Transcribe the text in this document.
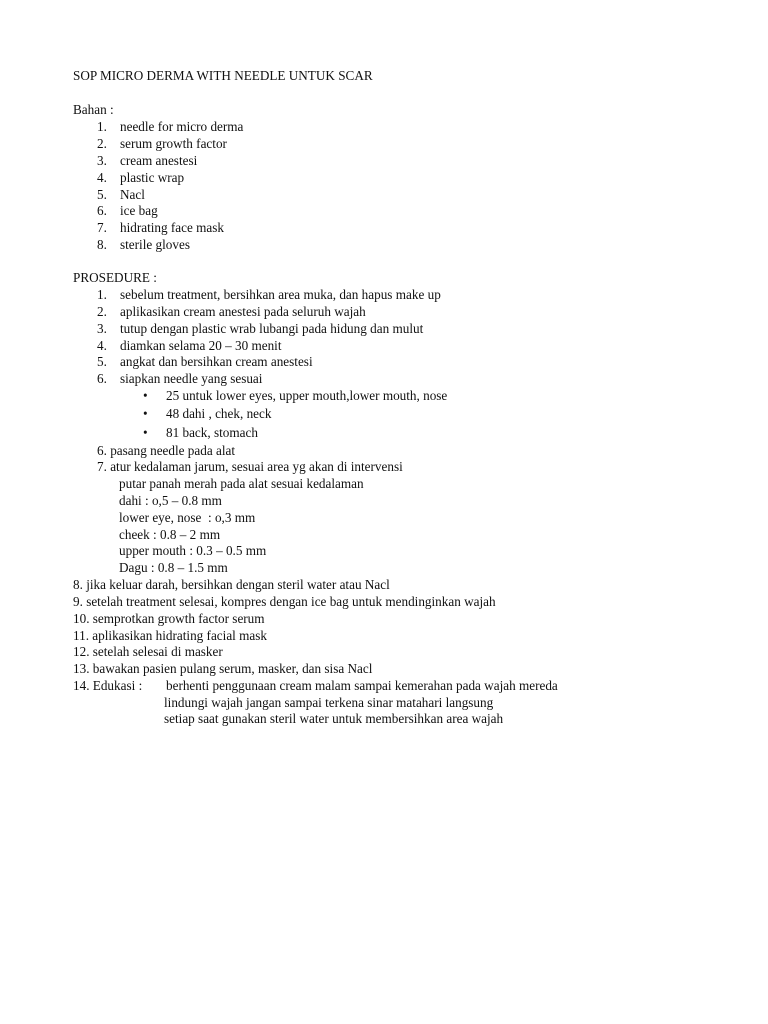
SOP MICRO DERMA WITH NEEDLE UNTUK SCAR
Bahan :
1. needle for micro derma
2. serum growth factor
3. cream anestesi
4. plastic wrap
5. Nacl
6. ice bag
7. hidrating face mask
8. sterile gloves
PROSEDURE :
1. sebelum treatment, bersihkan area muka, dan hapus make up
2. aplikasikan cream anestesi pada seluruh wajah
3. tutup dengan plastic wrab lubangi pada hidung dan mulut
4. diamkan selama 20 – 30 menit
5. angkat dan bersihkan cream anestesi
6. siapkan needle yang sesuai
• 25 untuk lower eyes, upper mouth,lower mouth, nose
• 48 dahi , chek, neck
• 81 back, stomach
6. pasang needle pada alat
7. atur kedalaman jarum, sesuai area yg akan di intervensi
putar panah merah pada alat sesuai kedalaman
dahi : o,5 – 0.8 mm
lower eye, nose  : o,3 mm
cheek : 0.8 – 2 mm
upper mouth : 0.3 – 0.5 mm
Dagu : 0.8 – 1.5 mm
8. jika keluar darah, bersihkan dengan steril water atau Nacl
9. setelah treatment selesai, kompres dengan ice bag untuk mendinginkan wajah
10. semprotkan growth factor serum
11. aplikasikan hidrating facial mask
12. setelah selesai di masker
13. bawakan pasien pulang serum, masker, dan sisa Nacl
14. Edukasi : berhenti penggunaan cream malam sampai kemerahan pada wajah mereda
lindungi wajah jangan sampai terkena sinar matahari langsung
setiap saat gunakan steril water untuk membersihkan area wajah
